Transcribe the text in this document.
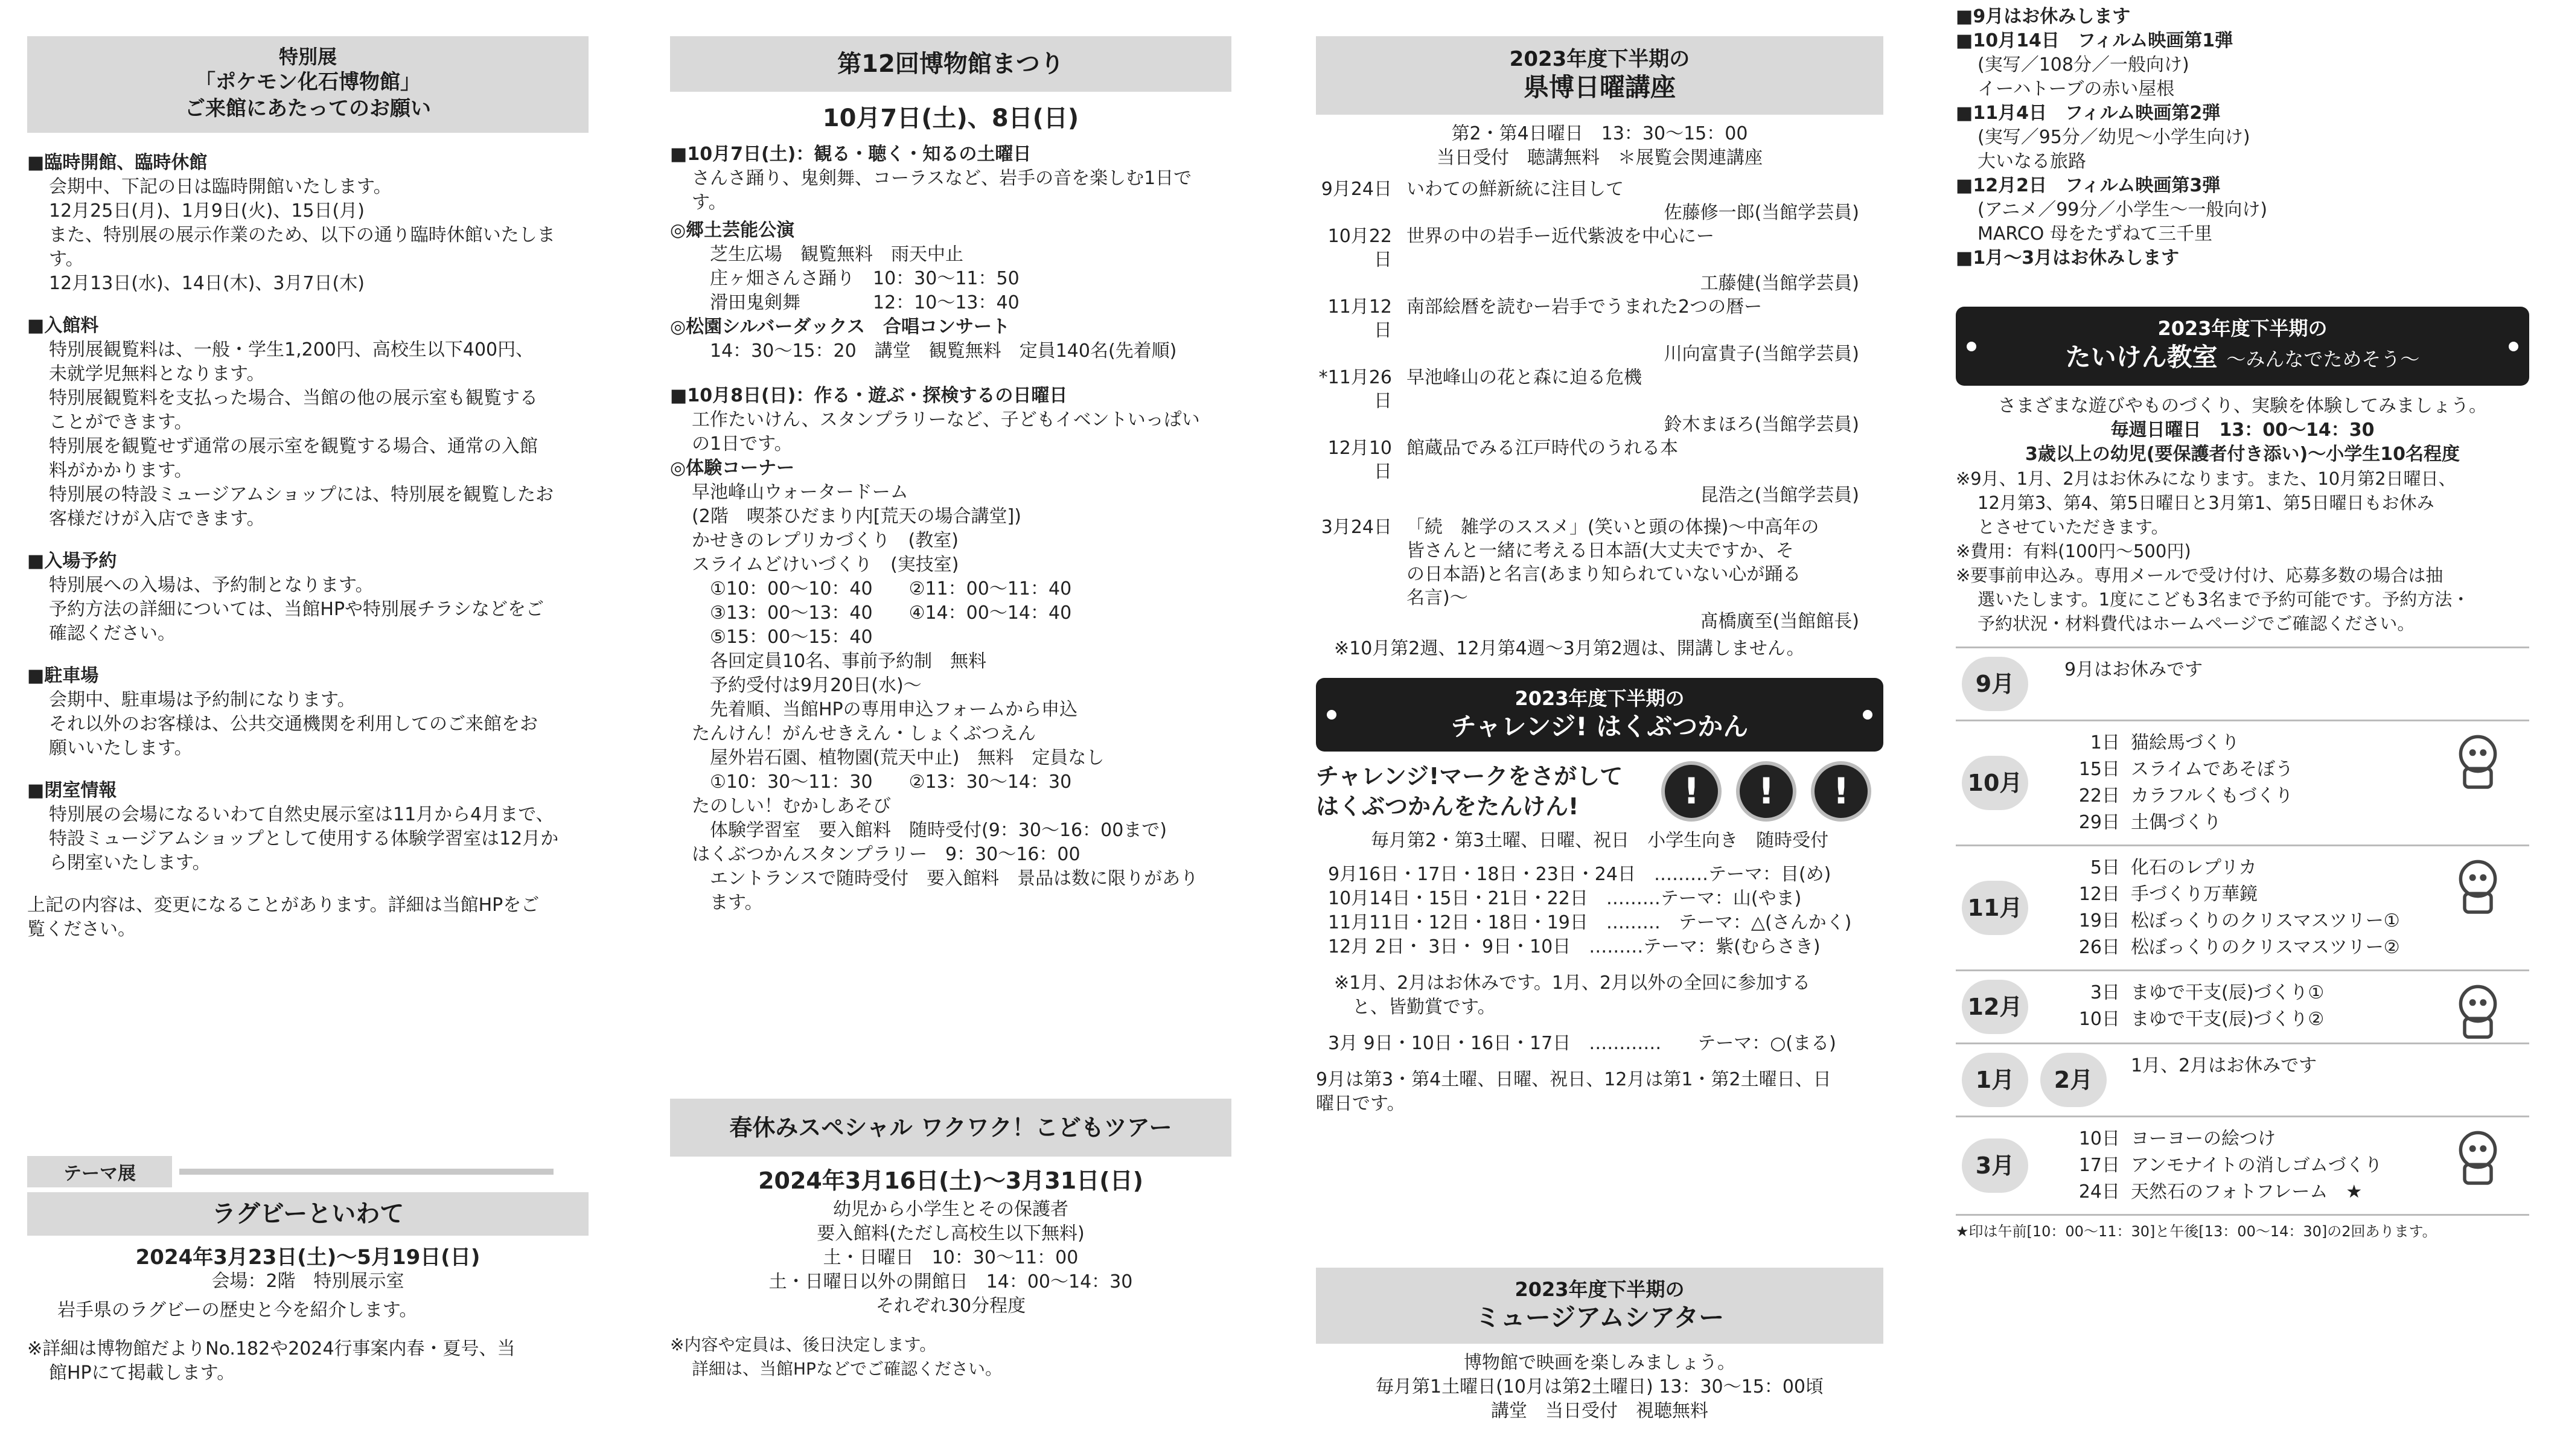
特別展
「ポケモン化石博物館」
ご来館にあたってのお願い

■臨時開館、臨時休館

会期中、下記の日は臨時開館いたします。

12月25日(月)、1月9日(火)、15日(月)

また、特別展の展示作業のため、以下の通り臨時休館いたしま

す。

12月13日(水)、14日(木)、3月7日(木)

■入館料

特別展観覧料は、一般・学生1,200円、高校生以下400円、

未就学児無料となります。

特別展観覧料を支払った場合、当館の他の展示室も観覧する

ことができます。

特別展を観覧せず通常の展示室を観覧する場合、通常の入館

料がかかります。

特別展の特設ミュージアムショップには、特別展を観覧したお

客様だけが入店できます。

■入場予約

特別展への入場は、予約制となります。

予約方法の詳細については、当館HPや特別展チラシなどをご

確認ください。

■駐車場

会期中、駐車場は予約制になります。

それ以外のお客様は、公共交通機関を利用してのご来館をお

願いいたします。

■閉室情報

特別展の会場になるいわて自然史展示室は11月から4月まで、

特設ミュージアムショップとして使用する体験学習室は12月か

ら閉室いたします。

上記の内容は、変更になることがあります。詳細は当館HPをご

覧ください。

テーマ展
ラグビーといわて

2024年3月23日(土)〜5月19日(日)

会場：2階　特別展示室

岩手県のラグビーの歴史と今を紹介します。

※詳細は博物館だよりNo.182や2024行事案内春・夏号、当

館HPにて掲載します。

第12回博物館まつり

10月7日(土)、8日(日)

■10月7日(土)：観る・聴く・知るの土曜日

さんさ踊り、鬼剣舞、コーラスなど、岩手の音を楽しむ1日で

す。

◎郷土芸能公演

芝生広場　観覧無料　雨天中止

庄ヶ畑さんさ踊り　10：30〜11：50

滑田鬼剣舞　　　　12：10〜13：40

◎松園シルバーダックス　合唱コンサート

14：30〜15：20　講堂　観覧無料　定員140名(先着順)

■10月8日(日)：作る・遊ぶ・探検するの日曜日

工作たいけん、スタンプラリーなど、子どもイベントいっぱい

の1日です。

◎体験コーナー

早池峰山ウォータードーム

(2階　喫茶ひだまり内[荒天の場合講堂])

かせきのレプリカづくり　(教室)

スライムどけいづくり　(実技室)

①10：00〜10：40　　②11：00〜11：40

③13：00〜13：40　　④14：00〜14：40

⑤15：00〜15：40

各回定員10名、事前予約制　無料

予約受付は9月20日(水)〜

先着順、当館HPの専用申込フォームから申込

たんけん！がんせきえん・しょくぶつえん

屋外岩石園、植物園(荒天中止)　無料　定員なし

①10：30〜11：30　　②13：30〜14：30

たのしい！むかしあそび

体験学習室　要入館料　随時受付(9：30〜16：00まで)

はくぶつかんスタンプラリー　9：30〜16：00

エントランスで随時受付　要入館料　景品は数に限りがあり

ます。

春休みスペシャル ワクワク！こどもツアー

2024年3月16日(土)〜3月31日(日)

幼児から小学生とその保護者

要入館料(ただし高校生以下無料)

土・日曜日　10：30〜11：00

土・日曜日以外の開館日　14：00〜14：30

それぞれ30分程度

※内容や定員は、後日決定します。

詳細は、当館HPなどでご確認ください。

2023年度下半期の
県博日曜講座

第2・第4日曜日　13：30〜15：00

当日受付　聴講無料　＊展覧会関連講座

9月24日 いわての鮮新統に注目して
佐藤修一郎(当館学芸員)
10月22日
世界の中の岩手ー近代紫波を中心にー
工藤健(当館学芸員)
11月12日
南部絵暦を読むー岩手でうまれた2つの暦ー
川向富貴子(当館学芸員)
*11月26日
早池峰山の花と森に迫る危機
鈴木まほろ(当館学芸員)
12月10日
館蔵品でみる江戸時代のうれる本
昆浩之(当館学芸員)
3月24日 「続　雑学のススメ」(笑いと頭の体操)〜中高年の
皆さんと一緒に考える日本語(大丈夫ですか、そ
の日本語)と名言(あまり知られていない心が踊る
名言)〜
髙橋廣至(当館館長)

※10月第2週、12月第4週〜3月第2週は、開講しません。

2023年度下半期の
チャレンジ! はくぶつかん

チャレンジ!マークをさがして

はくぶつかんをたんけん!	!	!	!

毎月第2・第3土曜、日曜、祝日　小学生向き　随時受付

9月16日・17日・18日・23日・24日　………テーマ：目(め)

10月14日・15日・21日・22日　………テーマ：山(やま)

11月11日・12日・18日・19日　………　テーマ：△(さんかく)

12月 2日・ 3日・ 9日・10日　………テーマ：紫(むらさき)

※1月、2月はお休みです。1月、2月以外の全回に参加する

と、皆勤賞です。

3月 9日・10日・16日・17日　…………　　テーマ：○(まる)

9月は第3・第4土曜、日曜、祝日、12月は第1・第2土曜日、日

曜日です。

2023年度下半期の
ミュージアムシアター

博物館で映画を楽しみましょう。

毎月第1土曜日(10月は第2土曜日) 13：30〜15：00頃

講堂　当日受付　視聴無料

■9月はお休みします

■10月14日　フィルム映画第1弾

(実写／108分／一般向け)

イーハトーブの赤い屋根

■11月4日　フィルム映画第2弾

(実写／95分／幼児〜小学生向け)

大いなる旅路

■12月2日　フィルム映画第3弾

(アニメ／99分／小学生〜一般向け)

MARCO 母をたずねて三千里

■1月〜3月はお休みします

2023年度下半期の
たいけん教室 〜みんなでためそう〜

さまざまな遊びやものづくり、実験を体験してみましょう。

毎週日曜日　13：00〜14：30

3歳以上の幼児(要保護者付き添い)〜小学生10名程度

※9月、1月、2月はお休みになります。また、10月第2日曜日、

12月第3、第4、第5日曜日と3月第1、第5日曜日もお休み

とさせていただきます。

※費用：有料(100円〜500円)

※要事前申込み。専用メールで受け付け、応募多数の場合は抽

選いたします。1度にこども3名まで予約可能です。予約方法・

予約状況・材料費代はホームページでご確認ください。

9月
9月はお休みです
10月
1日 猫絵馬づくり
15日 スライムであそぼう
22日 カラフルくもづくり
29日 土偶づくり
11月
5日 化石のレプリカ
12日 手づくり万華鏡
19日 松ぼっくりのクリスマスツリー①
26日 松ぼっくりのクリスマスツリー②
12月
3日 まゆで干支(辰)づくり①
10日 まゆで干支(辰)づくり②
1月	2月
1月、2月はお休みです
3月
10日 ヨーヨーの絵つけ
17日 アンモナイトの消しゴムづくり
24日 天然石のフォトフレーム　★

★印は午前[10：00〜11：30]と午後[13：00〜14：30]の2回あります。
